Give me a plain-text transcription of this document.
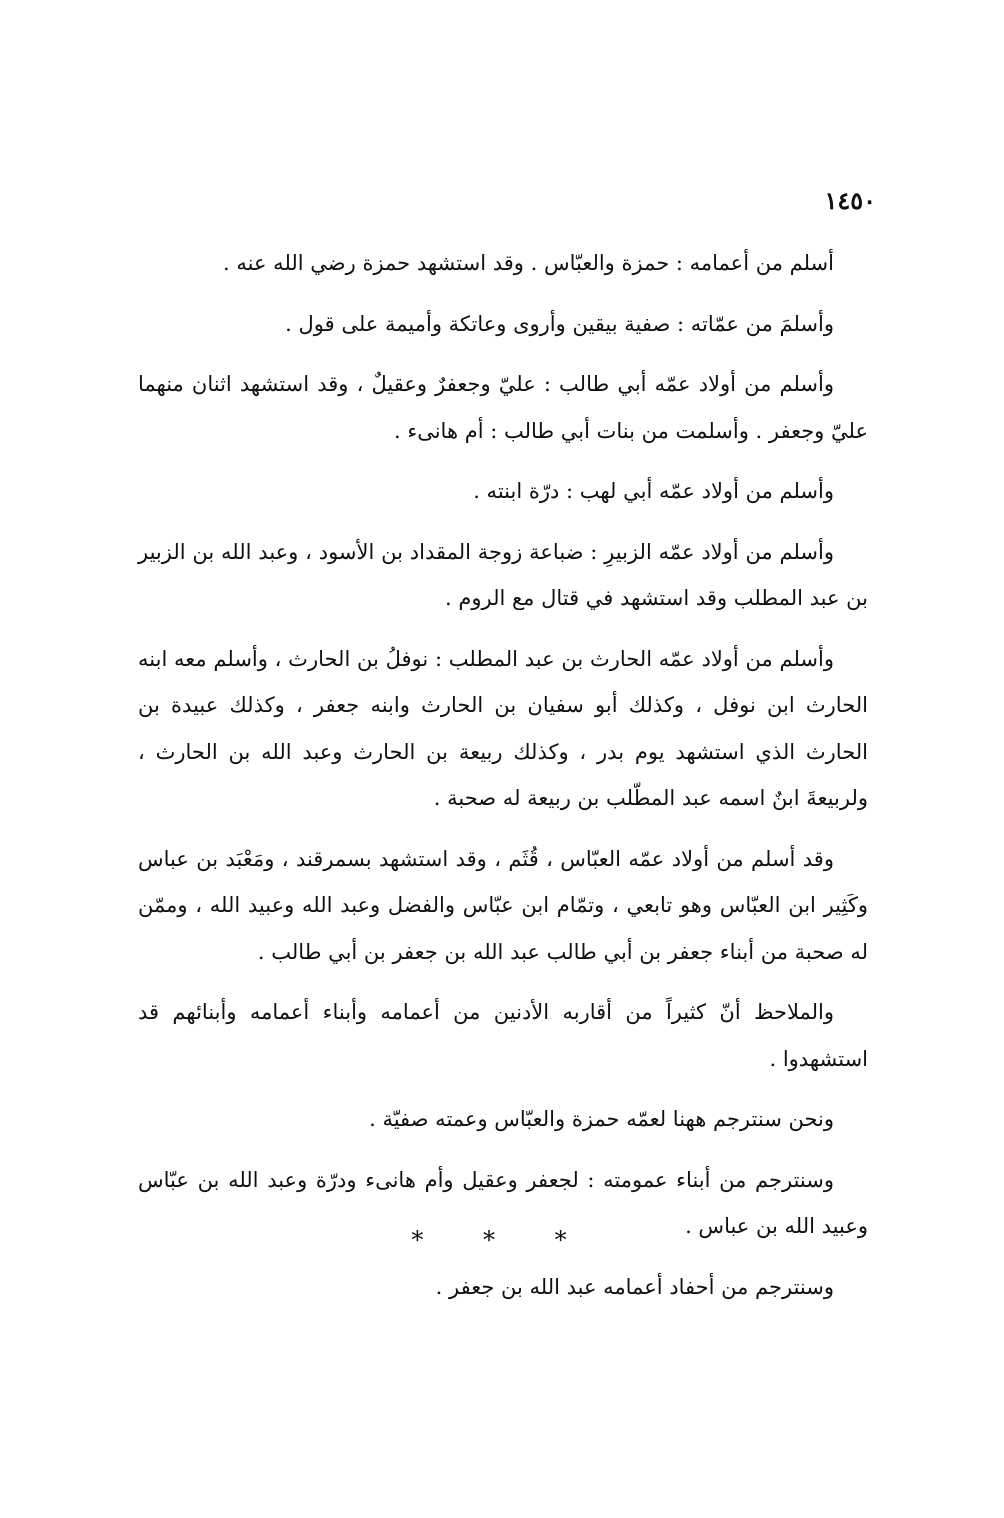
١٤٥٠

أسلم من أعمامه : حمزة والعبّاس . وقد استشهد حمزة رضي الله عنه .

وأسلمَ من عمّاته : صفية بيقين وأروى وعاتكة وأميمة على قول .

وأسلم من أولاد عمّه أبي طالب : عليّ وجعفرٌ وعقيلٌ ، وقد استشهد اثنان منهما عليّ وجعفر . وأسلمت من بنات أبي طالب : أم هانىء .

وأسلم من أولاد عمّه أبي لهب : درّة ابنته .

وأسلم من أولاد عمّه الزبيرِ : ضباعة زوجة المقداد بن الأسود ، وعبد الله بن الزبير بن عبد المطلب وقد استشهد في قتال مع الروم .

وأسلم من أولاد عمّه الحارث بن عبد المطلب : نوفلُ بن الحارث ، وأسلم معه ابنه الحارث ابن نوفل ، وكذلك أبو سفيان بن الحارث وابنه جعفر ، وكذلك عبيدة بن الحارث الذي استشهد يوم بدر ، وكذلك ربيعة بن الحارث وعبد الله بن الحارث ، ولربيعةَ ابنٌ اسمه عبد المطّلب بن ربيعة له صحبة .

وقد أسلم من أولاد عمّه العبّاس ، قُثَم ، وقد استشهد بسمرقند ، ومَعْبَد بن عباس وكَثِير ابن العبّاس وهو تابعي ، وتمّام ابن عبّاس والفضل وعبد الله وعبيد الله ، وممّن له صحبة من أبناء جعفر بن أبي طالب عبد الله بن جعفر بن أبي طالب .

والملاحظ أنّ كثيراً من أقاربه الأدنين من أعمامه وأبناء أعمامه وأبنائهم قد استشهدوا .

ونحن سنترجم ههنا لعمّه حمزة والعبّاس وعمته صفيّة .

وسنترجم من أبناء عمومته : لجعفر وعقيل وأم هانىء ودرّة وعبد الله بن عبّاس وعبيد الله بن عباس .

وسنترجم من أحفاد أعمامه عبد الله بن جعفر .

* * *
